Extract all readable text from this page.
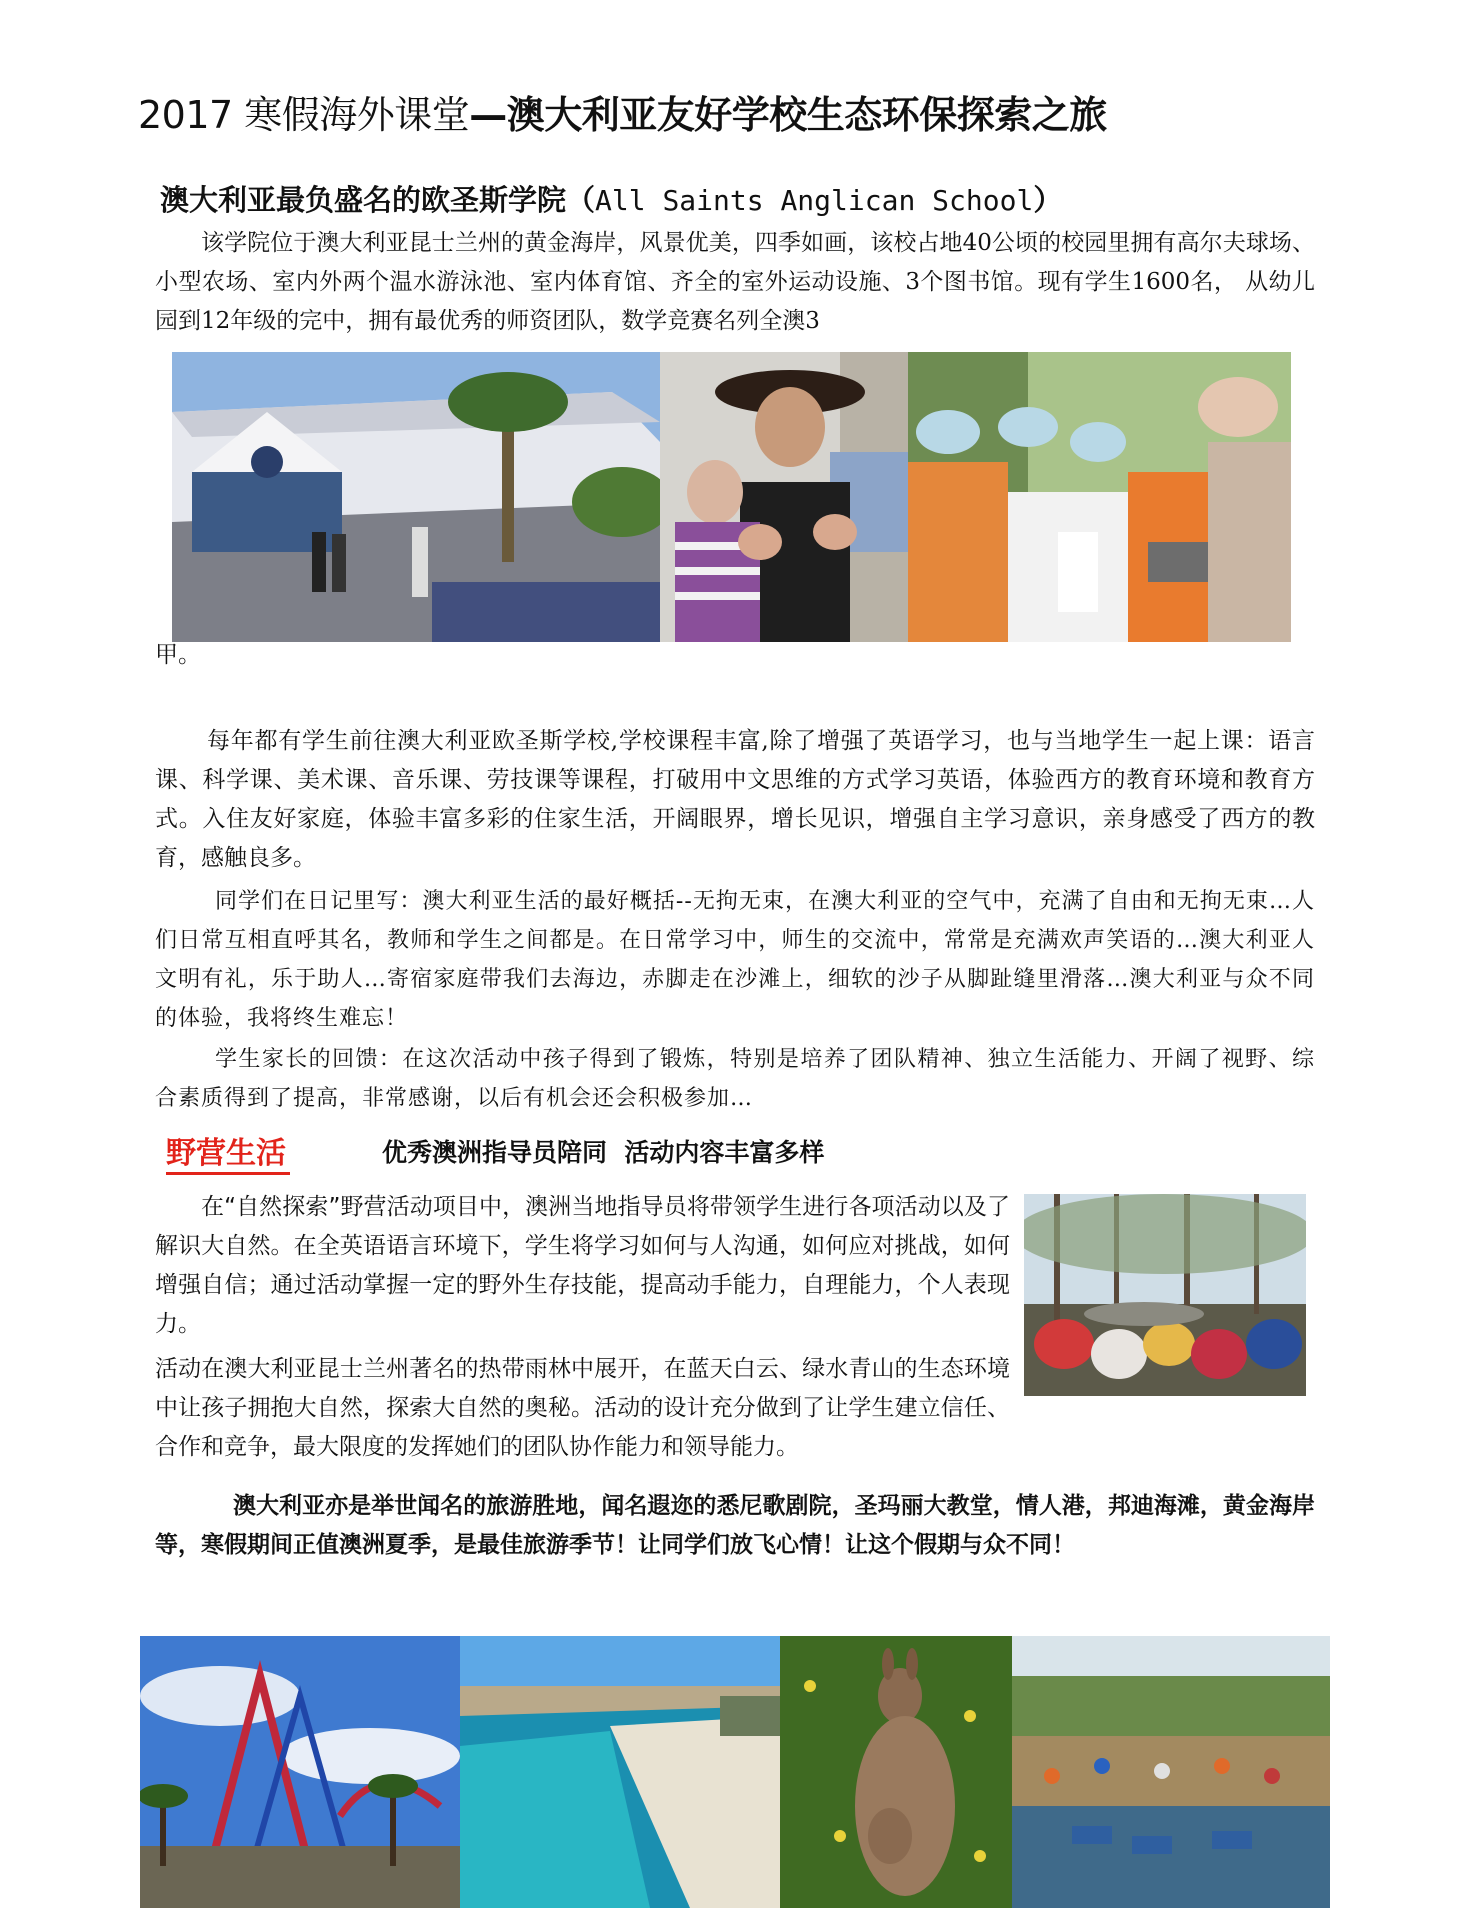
2017 寒假海外课堂—澳大利亚友好学校生态环保探索之旅
澳大利亚最负盛名的欧圣斯学院（All Saints Anglican School）
该学院位于澳大利亚昆士兰州的黄金海岸，风景优美，四季如画，该校占地40公顷的校园里拥有高尔夫球场、小型农场、室内外两个温水游泳池、室内体育馆、齐全的室外运动设施、3个图书馆。现有学生1600名， 从幼儿园到12年级的完中，拥有最优秀的师资团队，数学竞赛名列全澳3
甲。
每年都有学生前往澳大利亚欧圣斯学校,学校课程丰富,除了增强了英语学习，也与当地学生一起上课：语言课、科学课、美术课、音乐课、劳技课等课程，打破用中文思维的方式学习英语，体验西方的教育环境和教育方式。入住友好家庭，体验丰富多彩的住家生活，开阔眼界，增长见识，增强自主学习意识，亲身感受了西方的教育，感触良多。
同学们在日记里写：澳大利亚生活的最好概括--无拘无束，在澳大利亚的空气中，充满了自由和无拘无束…人们日常互相直呼其名，教师和学生之间都是。在日常学习中，师生的交流中，常常是充满欢声笑语的…澳大利亚人文明有礼，乐于助人…寄宿家庭带我们去海边，赤脚走在沙滩上，细软的沙子从脚趾缝里滑落…澳大利亚与众不同的体验，我将终生难忘！
学生家长的回馈：在这次活动中孩子得到了锻炼，特别是培养了团队精神、独立生活能力、开阔了视野、综合素质得到了提高，非常感谢，以后有机会还会积极参加…
野营生活	优秀澳洲指导员陪同  活动内容丰富多样
在“自然探索”野营活动项目中，澳洲当地指导员将带领学生进行各项活动以及了解识大自然。在全英语语言环境下，学生将学习如何与人沟通，如何应对挑战，如何增强自信；通过活动掌握一定的野外生存技能，提高动手能力，自理能力，个人表现力。
活动在澳大利亚昆士兰州著名的热带雨林中展开，在蓝天白云、绿水青山的生态环境中让孩子拥抱大自然，探索大自然的奥秘。活动的设计充分做到了让学生建立信任、合作和竞争，最大限度的发挥她们的团队协作能力和领导能力。
澳大利亚亦是举世闻名的旅游胜地，闻名遐迩的悉尼歌剧院，圣玛丽大教堂，情人港，邦迪海滩，黄金海岸等，寒假期间正值澳洲夏季，是最佳旅游季节！让同学们放飞心情！让这个假期与众不同！
